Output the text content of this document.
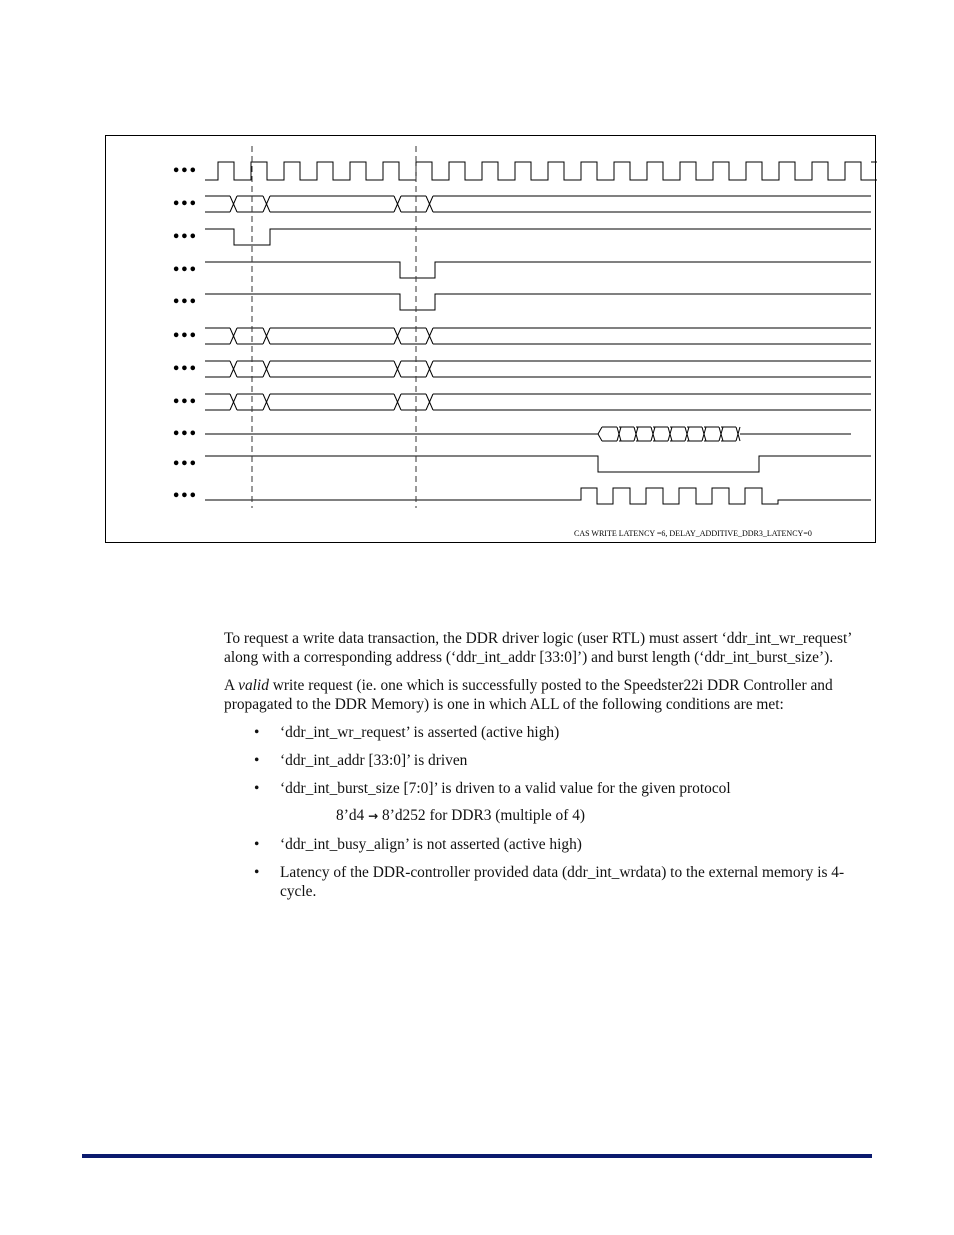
•••
•••
•••
•••
•••
•••
•••
•••
•••
•••
•••
CAS WRITE LATENCY =6, DELAY_ADDITIVE_DDR3_LATENCY=0

To request a write data transaction, the DDR driver logic (user RTL) must assert ‘ddr_int_wr_request’ along with a corresponding address (‘ddr_int_addr [33:0]’) and burst length (‘ddr_int_burst_size’).

A valid write request (ie. one which is successfully posted to the Speedster22i DDR Controller and propagated to the DDR Memory) is one in which ALL of the following conditions are met:

• ‘ddr_int_wr_request’ is asserted (active high)
• ‘ddr_int_addr [33:0]’ is driven
• ‘ddr_int_burst_size [7:0]’ is driven to a valid value for the given protocol
8’d4 → 8’d252 for DDR3 (multiple of 4)
• ‘ddr_int_busy_align’ is not asserted (active high)
• Latency of the DDR-controller provided data (ddr_int_wrdata) to the external memory is 4-cycle.
